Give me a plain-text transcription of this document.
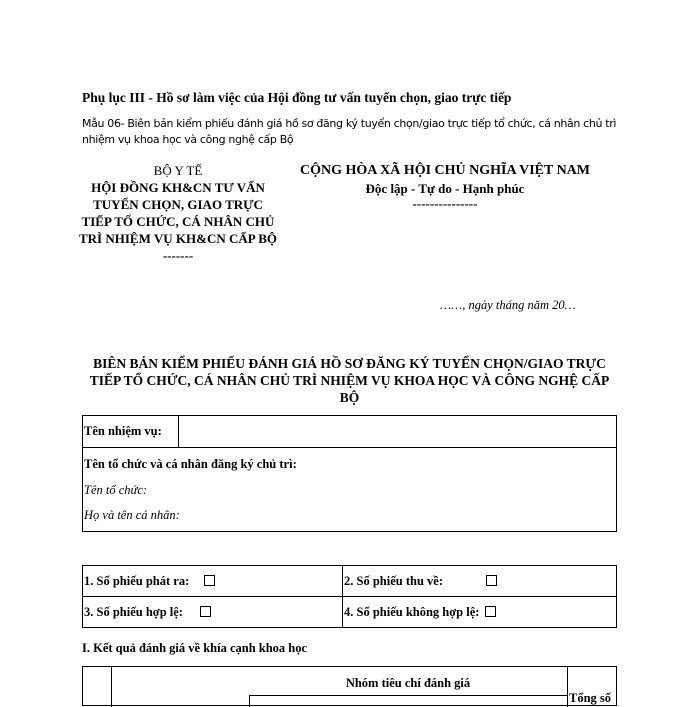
Phụ lục III - Hồ sơ làm việc của Hội đồng tư vấn tuyển chọn, giao trực tiếp
Mẫu 06- Biên bản kiểm phiếu đánh giá hồ sơ đăng ký tuyển chọn/giao trực tiếp tổ chức, cá nhân chủ trì nhiệm vụ khoa học và công nghệ cấp Bộ
BỘ Y TẾ
HỘI ĐỒNG KH&CN TƯ VẤN TUYỂN CHỌN, GIAO TRỰC TIẾP TỔ CHỨC, CÁ NHÂN CHỦ TRÌ NHIỆM VỤ KH&CN CẤP BỘ
-------
CỘNG HÒA XÃ HỘI CHỦ NGHĨA VIỆT NAM
Độc lập - Tự do - Hạnh phúc
---------------
……, ngày tháng năm 20…
BIÊN BẢN KIỂM PHIẾU ĐÁNH GIÁ HỒ SƠ ĐĂNG KÝ TUYỂN CHỌN/GIAO TRỰC TIẾP TỔ CHỨC, CÁ NHÂN CHỦ TRÌ NHIỆM VỤ KHOA HỌC VÀ CÔNG NGHỆ CẤP BỘ
Tên nhiệm vụ:
Tên tổ chức và cá nhân đăng ký chủ trì:
Tên tổ chức:
Họ và tên cá nhân:
1. Số phiếu phát ra:	2. Số phiếu thu về:
3. Số phiếu hợp lệ:	4. Số phiếu không hợp lệ:
I. Kết quả đánh giá về khía cạnh khoa học
Nhóm tiêu chí đánh giá
Tổng số
